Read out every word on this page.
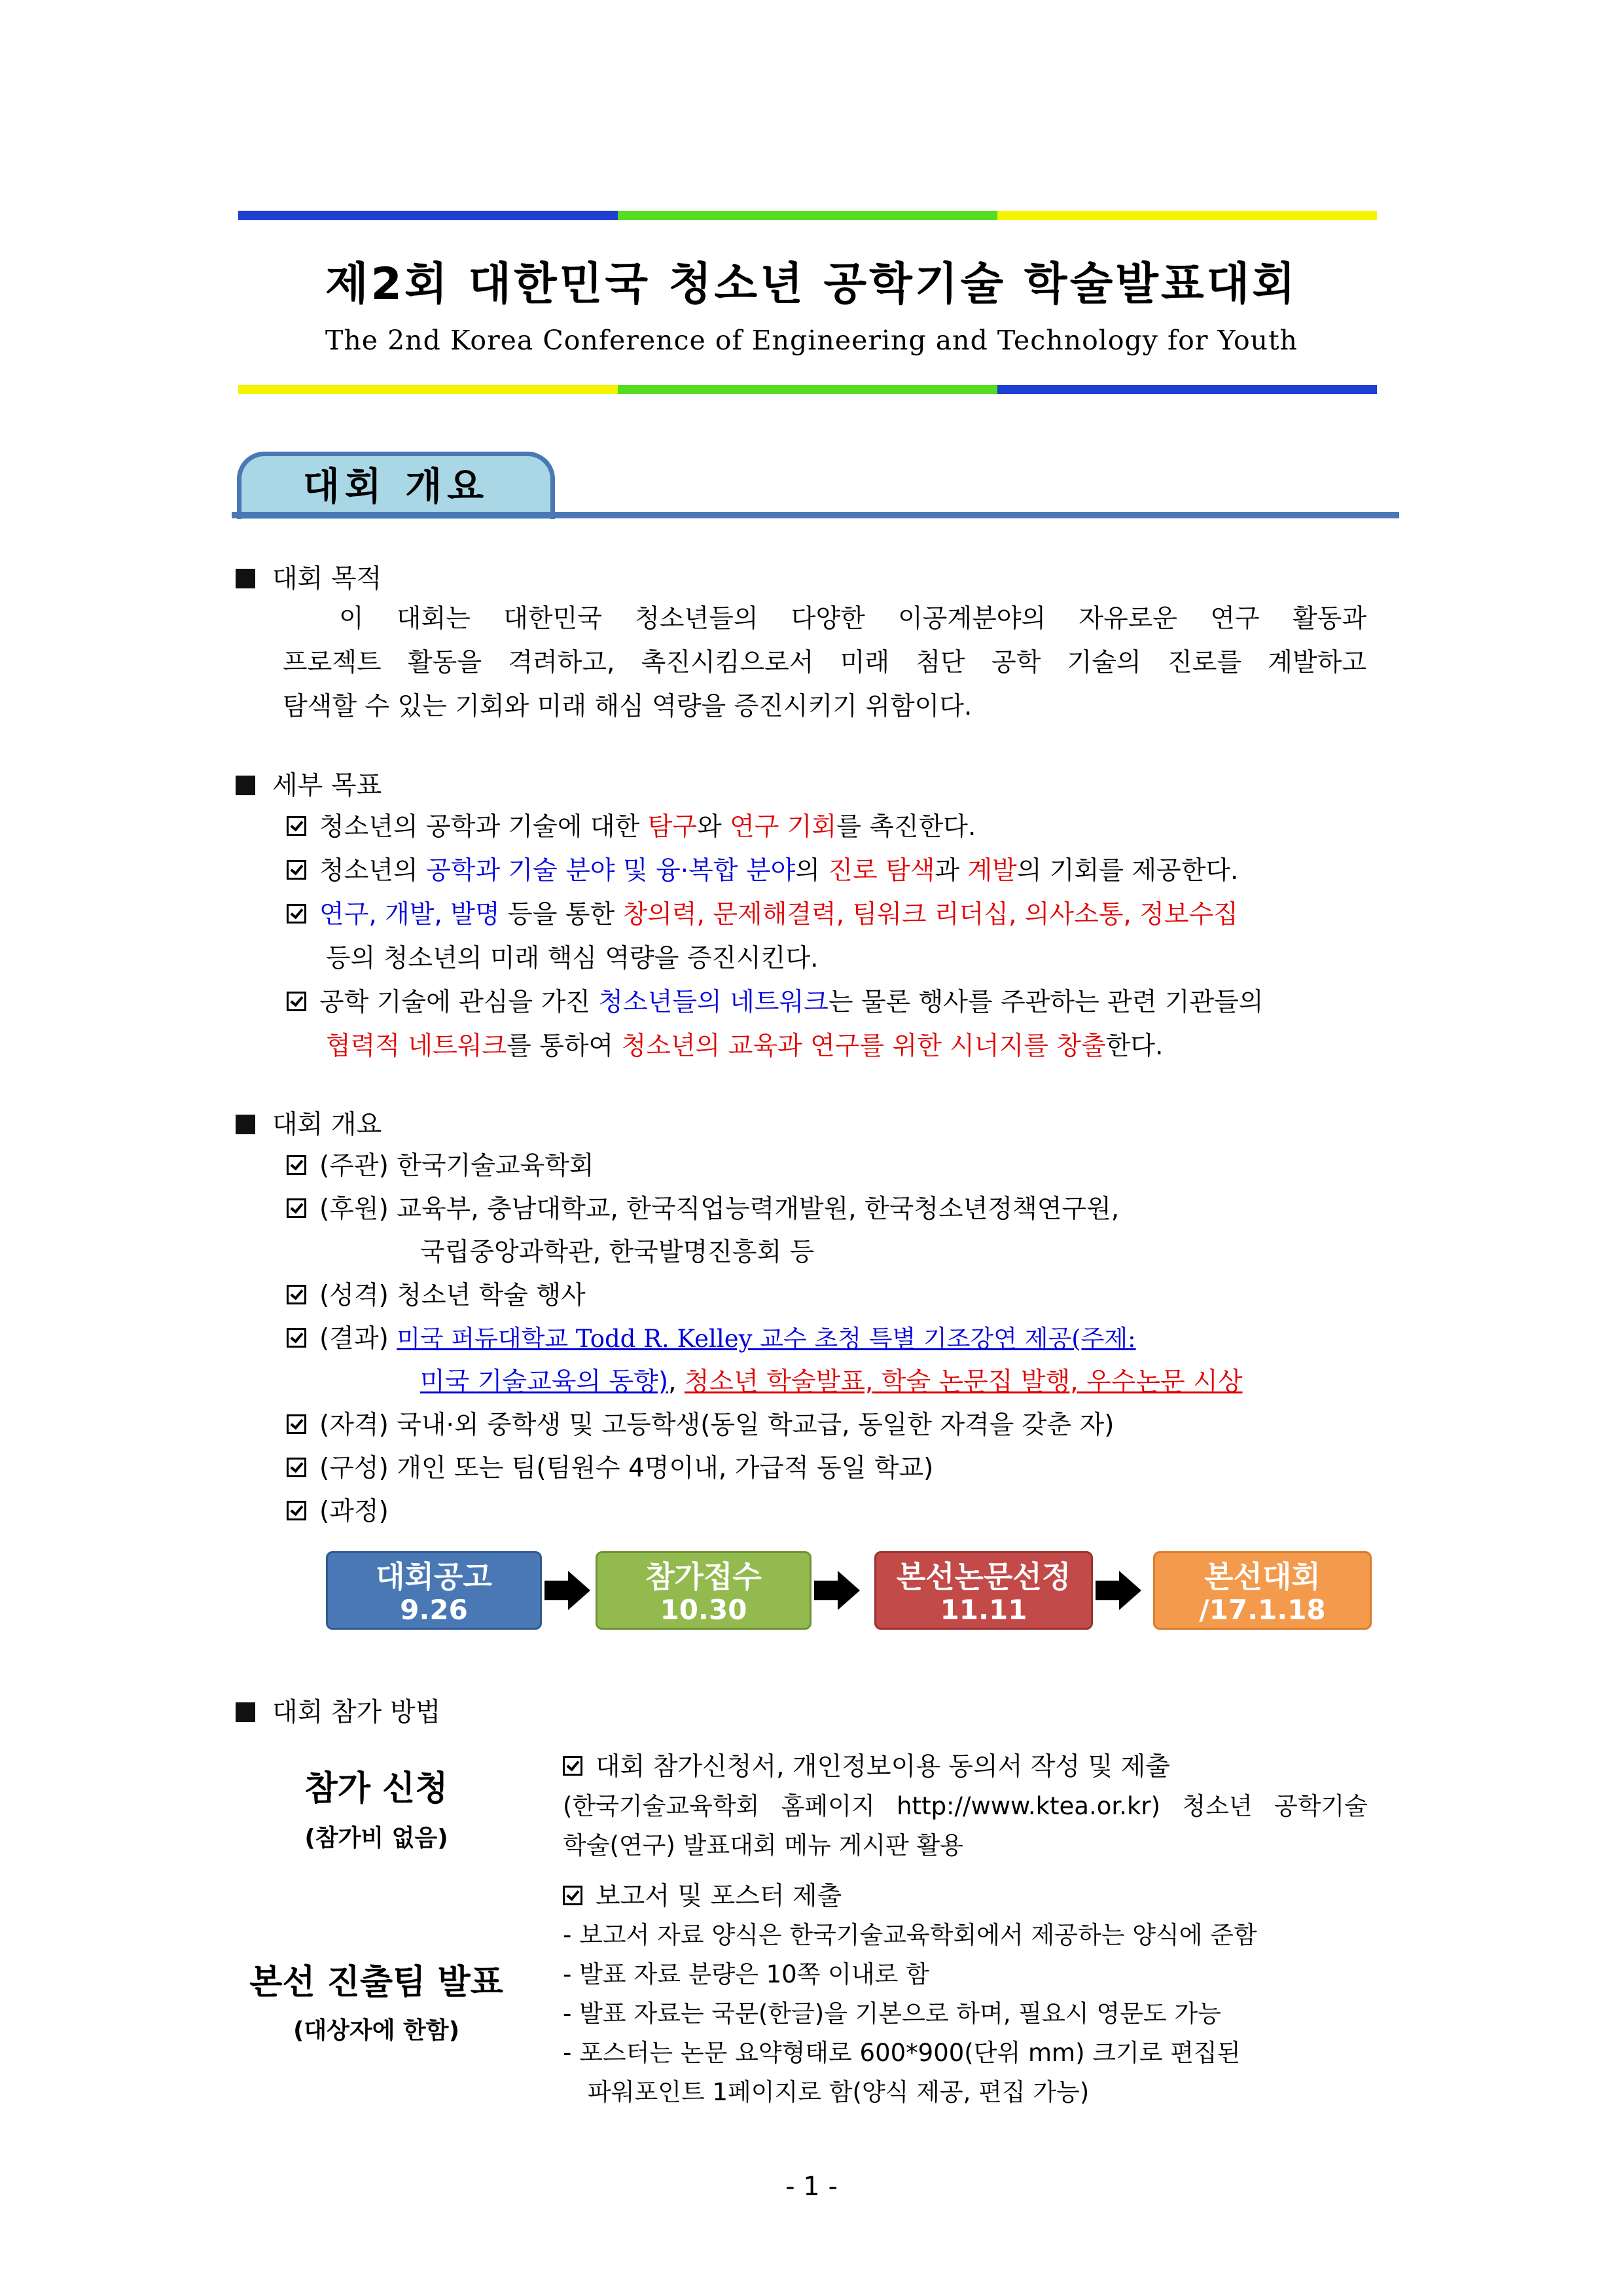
제2회 대한민국 청소년 공학기술 학술발표대회
The 2nd Korea Conference of Engineering and Technology for Youth
대회 개요
대회 목적
이 대회는 대한민국 청소년들의 다양한 이공계분야의 자유로운 연구 활동과
프로젝트 활동을 격려하고, 촉진시킴으로서 미래 첨단 공학 기술의 진로를 계발하고
탐색할 수 있는 기회와 미래 해심 역량을 증진시키기 위함이다.
세부 목표
청소년의 공학과 기술에 대한 탐구와 연구 기회를 촉진한다.
청소년의 공학과 기술 분야 및 융·복합 분야의 진로 탐색과 계발의 기회를 제공한다.
연구, 개발, 발명 등을 통한 창의력, 문제해결력, 팀워크 리더십, 의사소통, 정보수집
등의 청소년의 미래 핵심 역량을 증진시킨다.
공학 기술에 관심을 가진 청소년들의 네트워크는 물론 행사를 주관하는 관련 기관들의
협력적 네트워크를 통하여 청소년의 교육과 연구를 위한 시너지를 창출한다.
대회 개요
(주관) 한국기술교육학회
(후원) 교육부, 충남대학교, 한국직업능력개발원, 한국청소년정책연구원,
국립중앙과학관, 한국발명진흥회 등
(성격) 청소년 학술 행사
(결과) 미국 퍼듀대학교 Todd R. Kelley 교수 초청 특별 기조강연 제공(주제:
미국 기술교육의 동향), 청소년 학술발표, 학술 논문집 발행, 우수논문 시상
(자격) 국내·외 중학생 및 고등학생(동일 학교급, 동일한 자격을 갖춘 자)
(구성) 개인 또는 팀(팀원수 4명이내, 가급적 동일 학교)
(과정)
대회공고
9.26
참가접수
10.30
본선논문선정
11.11
본선대회
/17.1.18
대회 참가 방법
참가 신청
(참가비 없음)
대회 참가신청서, 개인정보이용 동의서 작성 및 제출
(한국기술교육학회 홈페이지 http://www.ktea.or.kr) 청소년 공학기술
학술(연구) 발표대회 메뉴 게시판 활용
보고서 및 포스터 제출
본선 진출팀 발표
(대상자에 한함)
- 보고서 자료 양식은 한국기술교육학회에서 제공하는 양식에 준함
- 발표 자료 분량은 10쪽 이내로 함
- 발표 자료는 국문(한글)을 기본으로 하며, 필요시 영문도 가능
- 포스터는 논문 요약형태로 600*900(단위 mm) 크기로 편집된
파워포인트 1페이지로 함(양식 제공, 편집 가능)
- 1 -
